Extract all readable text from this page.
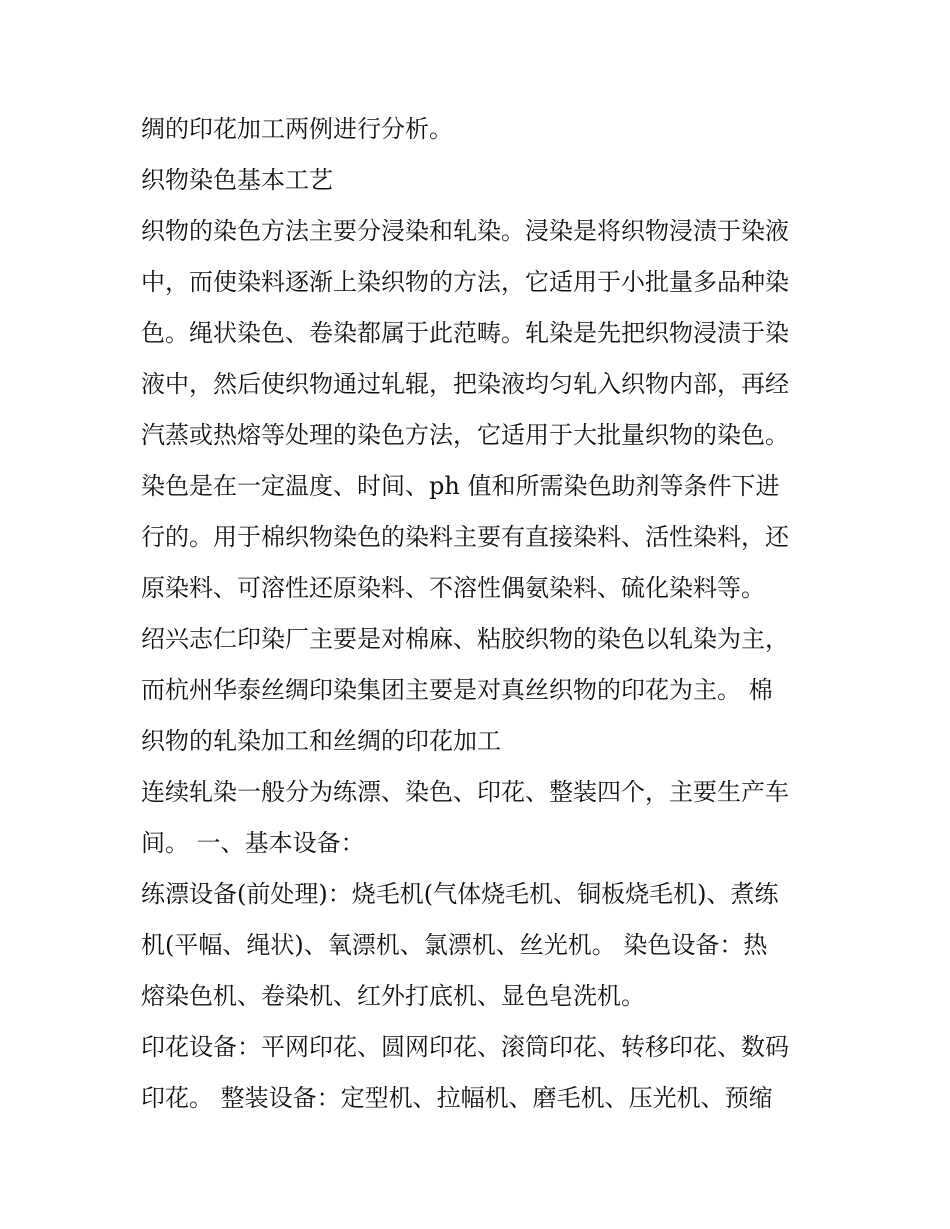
绸的印花加工两例进行分析。
织物染色基本工艺
织物的染色方法主要分浸染和轧染。浸染是将织物浸渍于染液
中，而使染料逐渐上染织物的方法，它适用于小批量多品种染
色。绳状染色、卷染都属于此范畴。轧染是先把织物浸渍于染
液中，然后使织物通过轧辊，把染液均匀轧入织物内部，再经
汽蒸或热熔等处理的染色方法，它适用于大批量织物的染色。
染色是在一定温度、时间、ph 值和所需染色助剂等条件下进
行的。用于棉织物染色的染料主要有直接染料、活性染料，还
原染料、可溶性还原染料、不溶性偶氨染料、硫化染料等。
绍兴志仁印染厂主要是对棉麻、粘胶织物的染色以轧染为主，
而杭州华泰丝绸印染集团主要是对真丝织物的印花为主。 棉
织物的轧染加工和丝绸的印花加工
连续轧染一般分为练漂、染色、印花、整装四个，主要生产车
间。 一、基本设备：
练漂设备(前处理)：烧毛机(气体烧毛机、铜板烧毛机)、煮练
机(平幅、绳状)、氧漂机、氯漂机、丝光机。 染色设备：热
熔染色机、卷染机、红外打底机、显色皂洗机。
印花设备：平网印花、圆网印花、滚筒印花、转移印花、数码
印花。 整装设备：定型机、拉幅机、磨毛机、压光机、预缩
